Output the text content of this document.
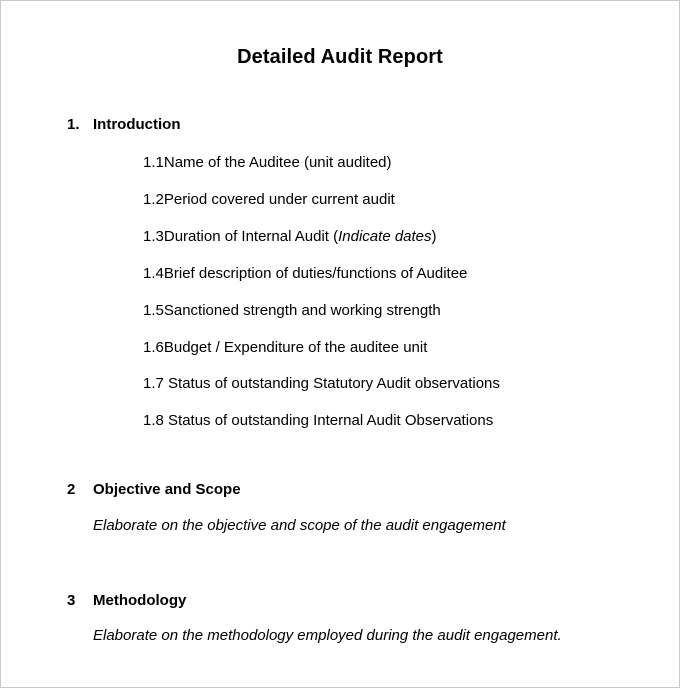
Detailed Audit Report
1. Introduction
1.1Name of the Auditee (unit audited)
1.2Period covered under current audit
1.3Duration of Internal Audit (Indicate dates)
1.4Brief description of duties/functions of Auditee
1.5Sanctioned strength and working strength
1.6Budget / Expenditure of the auditee unit
1.7 Status of outstanding Statutory Audit observations
1.8 Status of outstanding Internal Audit Observations
2 Objective and Scope
Elaborate on the objective and scope of the audit engagement
3 Methodology
Elaborate on the methodology employed during the audit engagement.
